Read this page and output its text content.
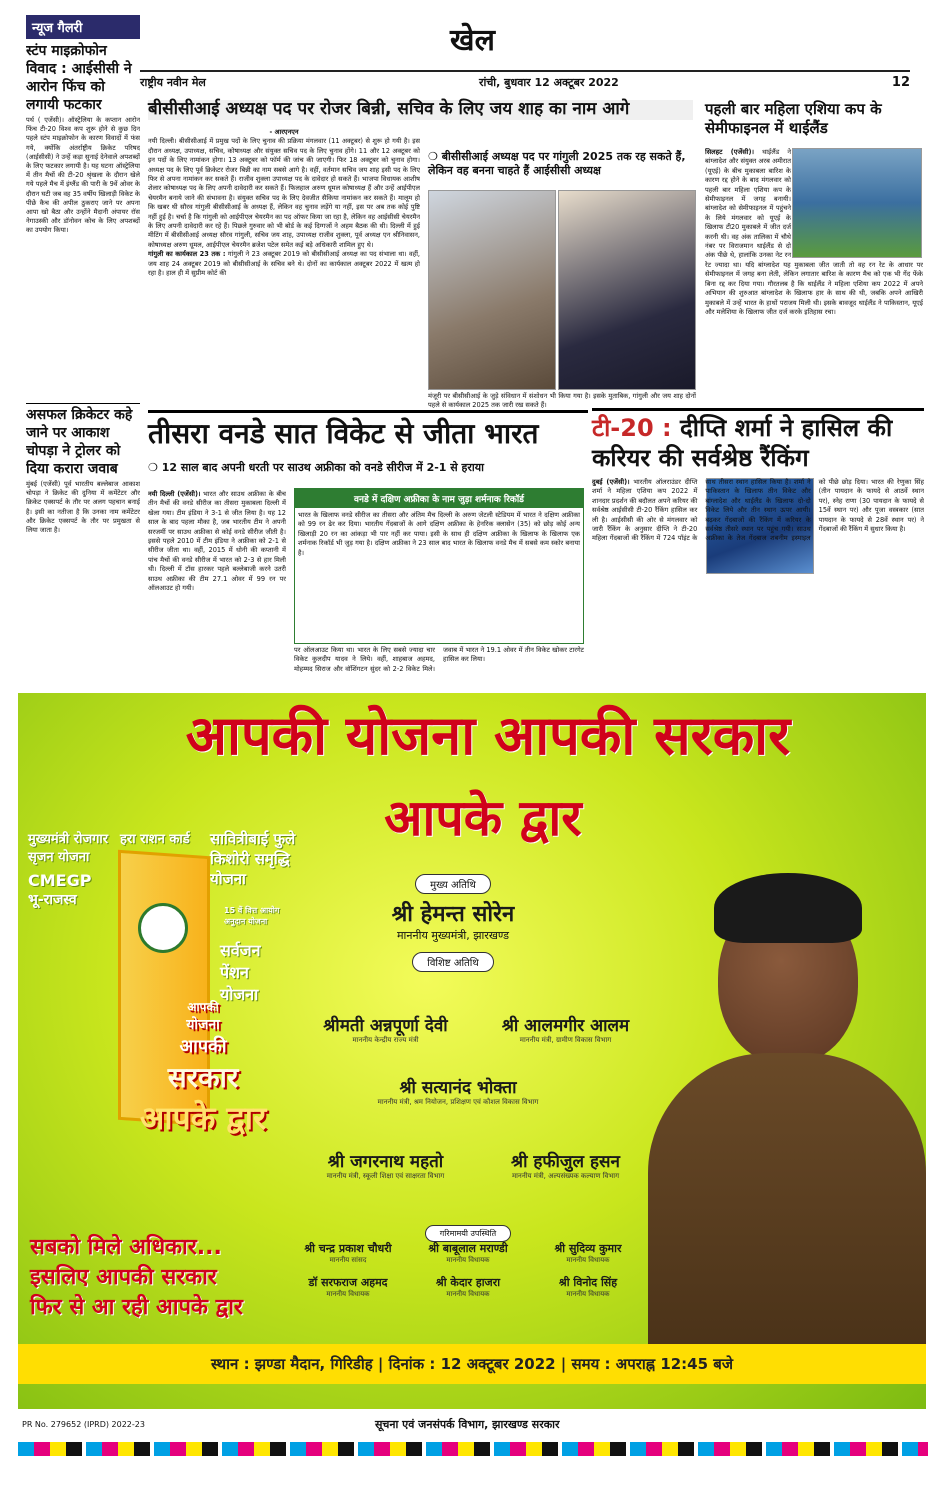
खेल
राष्ट्रीय नवीन मेल	रांची, बुधवार 12 अक्टूबर 2022	12
न्यूज गैलरी
स्टंप माइक्रोफोन विवाद : आईसीसी ने आरोन फिंच को लगायी फटकार
पर्थ ( एजेंसी)। ऑस्ट्रेलिया के कप्तान आरोन फिंच टी-20 विश्व कप शुरू होने से कुछ दिन पहले स्टंप माइक्रोफोन के कारण विवादों में फंस गये, क्योंकि अंतर्राष्ट्रीय क्रिकेट परिषद (आईसीसी) ने उन्हें कड़ा सुनाई देनेवाले अपशब्दों के लिए फटकार लगायी है। यह घटना ऑस्ट्रेलिया में तीन मैचों की टी-20 श्रृंखला के दौरान खेले गये पहले मैच में इंग्लैंड की पारी के 9वें ओवर के दौरान घटी जब वह 35 वर्षीय खिलाड़ी विकेट के पीछे कैच की अपील ठुकराए जाने पर अपना आपा खो बैठा और उन्होंने मैदानी अंपायर रॉस नेगाउस्की और डॉनोवन कोच के लिए अपशब्दों का उपयोग किया।
असफल क्रिकेटर कहे जाने पर आकाश चोपड़ा ने ट्रोलर को दिया करारा जवाब
मुंबई (एजेंसी) पूर्व भारतीय बल्लेबाज आकाश चोपड़ा ने क्रिकेट की दुनिया में कमेंटेटर और क्रिकेट एक्सपर्ट के तौर पर अलग पहचान बनाई है। इसी का नतीजा है कि उनका नाम कमेंटेटर और क्रिकेट एक्सपर्ट के तौर पर प्रमुखता से लिया जाता है।
बीसीसीआई अध्यक्ष पद पर रोजर बिन्नी, सचिव के लिए जय शाह का नाम आगे
- आरएनएन
नयी दिल्ली। बीसीसीआई में प्रमुख पदों के लिए चुनाव की प्रक्रिया मंगलवार (11 अक्टूबर) से शुरू हो गयी है। इस दौरान अध्यक्ष, उपाध्यक्ष, सचिव, कोषाध्यक्ष और संयुक्त सचिव पद के लिए चुनाव होंगे। 11 और 12 अक्टूबर को इन पदों के लिए नामांकन होगा। 13 अक्टूबर को फॉर्म की जांच की जाएगी। फिर 18 अक्टूबर को चुनाव होगा। अध्यक्ष पद के लिए पूर्व क्रिकेटर रोजर बिन्नी का नाम सबसे आगे है। वहीं, वर्तमान सचिव जय शाह इसी पद के लिए फिर से अपना नामांकन कर सकते हैं। राजीव शुक्ला उपाध्यक्ष पद के दावेदार हो सकते हैं। भाजपा विधायक आशीष शेलार कोषाध्यक्ष पद के लिए अपनी दावेदारी कर सकते हैं। फिलहाल अरुण धूमल कोषाध्यक्ष हैं और उन्हें आईपीएल चेयरमैन बनाये जाने की संभावना है। संयुक्त सचिव पद के लिए देवजीत सैकिया नामांकन कर सकते हैं। मालूम हो कि खबर थी सौरव गांगुली बीसीसीआई के अध्यक्ष हैं, लेकिन वह चुनाव लड़ेंगे या नहीं, इस पर अब तक कोई पुष्टि नहीं हुई है। चर्चा है कि गांगुली को आईपीएल चेयरमैन का पद ऑफर किया जा रहा है, लेकिन वह आईसीसी चेयरमैन के लिए अपनी दावेदारी कर रहे हैं। पिछले गुरुवार को भी बोर्ड के कई दिग्गजों ने अहम बैठक की थी। दिल्ली में हुई मीटिंग में बीसीसीआई अध्यक्ष सौरव गांगुली, सचिव जय शाह, उपाध्यक्ष राजीव शुक्ला, पूर्व अध्यक्ष एन श्रीनिवासन, कोषाध्यक्ष अरुण धूमल, आईपीएल चेयरमैन ब्रजेश पटेल समेत कई बड़े अधिकारी शामिल हुए थे।
गांगुली का कार्यकाल 23 तक : गांगुली ने 23 अक्टूबर 2019 को बीसीसीआई अध्यक्ष का पद संभाला था। वहीं, जय शाह 24 अक्टूबर 2019 को बीसीसीआई के सचिव बने थे। दोनों का कार्यकाल अक्टूबर 2022 में खत्म हो रहा है। हाल ही में सुप्रीम कोर्ट की
❍ बीसीसीआई अध्यक्ष पद पर गांगुली 2025 तक रह सकते हैं, लेकिन वह बनना चाहते हैं आईसीसी अध्यक्ष
मंजूरी पर बीसीसीआई के जुड़े संविधान में संशोधन भी किया गया है। इसके मुताबिक, गांगुली और जय शाह दोनों पहले से कार्यकाल 2025 तक जारी रख सकते हैं।
पहली बार महिला एशिया कप के सेमीफाइनल में थाईलैंड
सिलहट (एजेंसी)। थाईलैंड ने बांग्लादेश और संयुक्त अरब अमीरात (यूएई) के बीच मुकाबला बारिश के कारण रद्द होने के बाद मंगलवार को पहली बार महिला एशिया कप के सेमीफाइनल में जगह बनायी। बांग्लादेश को सेमीफाइनल में पहुंचने के लिये मंगलवार को यूएई के खिलाफ टी20 मुकाबले में जीत दर्ज करनी थी। वह अंक तालिका में चौथे नंबर पर विराजमान थाईलैंड से दो अंक पीछे थे, हालांकि उनका नेट रन रेट ज्यादा था। यदि बांग्लादेश यह मुकाबला जीत जाती तो वह रन रेट के आधार पर सेमीफाइनल में जगह बना लेती, लेकिन लगातार बारिश के कारण मैच को एक भी गेंद फेंके बिना रद्द कर दिया गया। गौरतलब है कि थाईलैंड ने महिला एशिया कप 2022 में अपने अभियान की शुरुआत बांग्लादेश के खिलाफ हार के साथ की थी, जबकि अपने आखिरी मुकाबले में उन्हें भारत के हाथों पराजय मिली थी। इसके बावजूद थाईलैंड ने पाकिस्तान, यूएई और मलेशिया के खिलाफ जीत दर्ज करके इतिहास रचा।
तीसरा वनडे सात विकेट से जीता भारत
❍ 12 साल बाद अपनी धरती पर साउथ अफ्रीका को वनडे सीरीज में 2-1 से हराया
नयी दिल्ली (एजेंसी)। भारत और साउथ अफ्रीका के बीच तीन मैचों की वनडे सीरीज का तीसरा मुकाबला दिल्ली में खेला गया। टीम इंडिया ने 3-1 से जीत लिया है। यह 12 साल के बाद पहला मौका है, जब भारतीय टीम ने अपनी सरजमीं पर साउथ अफ्रीका से कोई वनडे सीरीज जीती है। इससे पहले 2010 में टीम इंडिया ने अफ्रीका को 2-1 से सीरीज जीता था। वहीं, 2015 में धोनी की कप्तानी में पांच मैचों की वनडे सीरीज में भारत को 2-3 से हार मिली थी। दिल्ली में टॉस हारकर पहले बल्लेबाजी करने उतरी साउथ अफ्रीका की टीम 27.1 ओवर में 99 रन पर ऑलआउट हो गयी।
वनडे में दक्षिण अफ्रीका के नाम जुड़ा शर्मनाक रिकॉर्ड
भारत के खिलाफ वनडे सीरीज का तीसरा और अंतिम मैच दिल्ली के अरुण जेटली स्टेडियम में भारत ने दक्षिण अफ्रीका को 99 रन ढेर कर दिया। भारतीय गेंदबाजों के आगे दक्षिण अफ्रीका के हेनरिक क्लासेन (35) को छोड़ कोई अन्य खिलाड़ी 20 रन का आंकड़ा भी पार नहीं कर पाया। इसी के साथ ही दक्षिण अफ्रीका के खिलाफ के खिलाफ एक शर्मनाक रिकॉर्ड भी जुड़ गया है। दक्षिण अफ्रीका ने 23 साल बाद भारत के खिलाफ वनडे मैच में सबसे कम स्कोर बनाया है।
पर ऑलआउट किया था। भारत के लिए सबसे ज्यादा चार विकेट कुलदीप यादव ने लिये। वहीं, शाहबाज अहमद, मोहम्मद सिराज और वॉशिंगटन सुंदर को 2-2 विकेट मिले। जवाब में भारत ने 19.1 ओवर में तीन विकेट खोकर टारगेट हासिल कर लिया।
टी-20 : दीप्ति शर्मा ने हासिल की करियर की सर्वश्रेष्ठ रैंकिंग
दुबई (एजेंसी)। भारतीय ऑलराउंडर दीप्ति शर्मा ने महिला एशिया कप 2022 में शानदार प्रदर्शन की बदौलत अपने करियर की सर्वश्रेष्ठ आईसीसी टी-20 रैंकिंग हासिल कर ली है। आईसीसी की ओर से मंगलवार को जारी रैंकिंग के अनुसार दीप्ति ने टी-20 महिला गेंदबाजों की रैंकिंग में 724 पॉइंट के साथ तीसरा स्थान हासिल किया है। शर्मा ने पाकिस्तान के खिलाफ तीन विकेट और बांग्लादेश और थाईलैंड के खिलाफ दो-दो विकेट लिये और तीन स्थान ऊपर आयी। बढ़कर गेंदबाजों की रैंकिंग में करियर के सर्वश्रेष्ठ तीसरे स्थान पर पहुंच गयी। साउथ अफ्रीका के तेज गेंदबाज शबनीम इस्माइल को पीछे छोड़ दिया। भारत की रेणुका सिंह (तीन पायदान के फायदे से आठवें स्थान पर), स्नेह राणा (30 पायदान के फायदे से 15वें स्थान पर) और पूजा वस्त्रकार (सात पायदान के फायदे से 28वें स्थान पर) ने गेंदबाजों की रैंकिंग में सुधार किया है।
आपकी योजना आपकी सरकार
आपके द्वार
मुख्यमंत्री रोजगार सृजन योजना
हरा राशन कार्ड	सावित्रीबाई फुले किशोरी समृद्धि योजना
CMEGP
भू-राजस्व
सर्वजन पेंशन योजना
15 वें वित्त आयोग अनुदान योजना
आपकी
योजना
आपकी
सरकार
आपके द्वार
सबको मिले अधिकार...
इसलिए आपकी सरकार
फिर से आ रही आपके द्वार
मुख्य अतिथि
श्री हेमन्त सोरेन
माननीय मुख्यमंत्री, झारखण्ड
विशिष्ट अतिथि
श्रीमती अन्नपूर्णा देवी
माननीय केन्द्रीय राज्य मंत्री
श्री आलमगीर आलम
माननीय मंत्री, ग्रामीण विकास विभाग
श्री सत्यानंद भोक्ता
माननीय मंत्री, श्रम नियोजन, प्रशिक्षण एवं कौशल विकास विभाग
श्री जगरनाथ महतो
माननीय मंत्री, स्कूली शिक्षा एवं साक्षरता विभाग
श्री हफीजुल हसन
माननीय मंत्री, अल्पसंख्यक कल्याण विभाग
गरिमामयी उपस्थिति
श्री चन्द्र प्रकाश चौधरी
माननीय सांसद
श्री बाबूलाल मराण्डी
माननीय विधायक
श्री सुदिव्य कुमार
माननीय विधायक
डॉ सरफराज अहमद
माननीय विधायक
श्री केदार हाजरा
माननीय विधायक
श्री विनोद सिंह
माननीय विधायक
स्थान : झण्डा मैदान, गिरिडीह | दिनांक : 12 अक्टूबर 2022 | समय : अपराह्न 12:45 बजे
PR No. 279652 (IPRD) 2022-23	सूचना एवं जनसंपर्क विभाग, झारखण्ड सरकार
